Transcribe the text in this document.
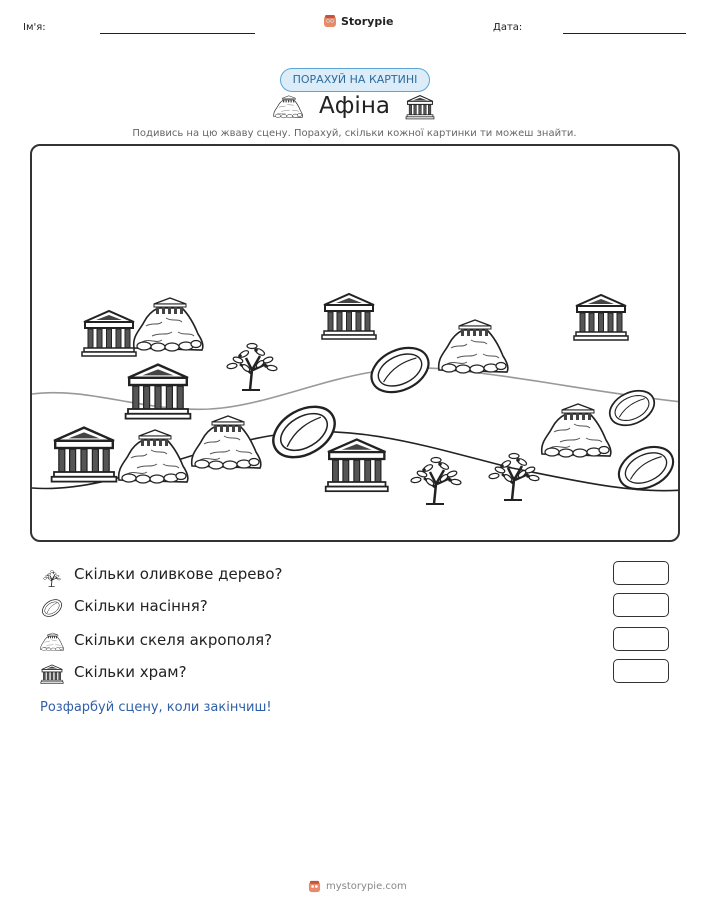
Ім'я:	Storypie	Дата:
ПОРАХУЙ НА КАРТИНІ
Афіна
Подивись на цю жваву сцену. Порахуй, скільки кожної картинки ти можеш знайти.
Скільки оливкове дерево?
Скільки насіння?
Скільки скеля акрополя?
Скільки храм?
Розфарбуй сцену, коли закінчиш!
mystorypie.com
